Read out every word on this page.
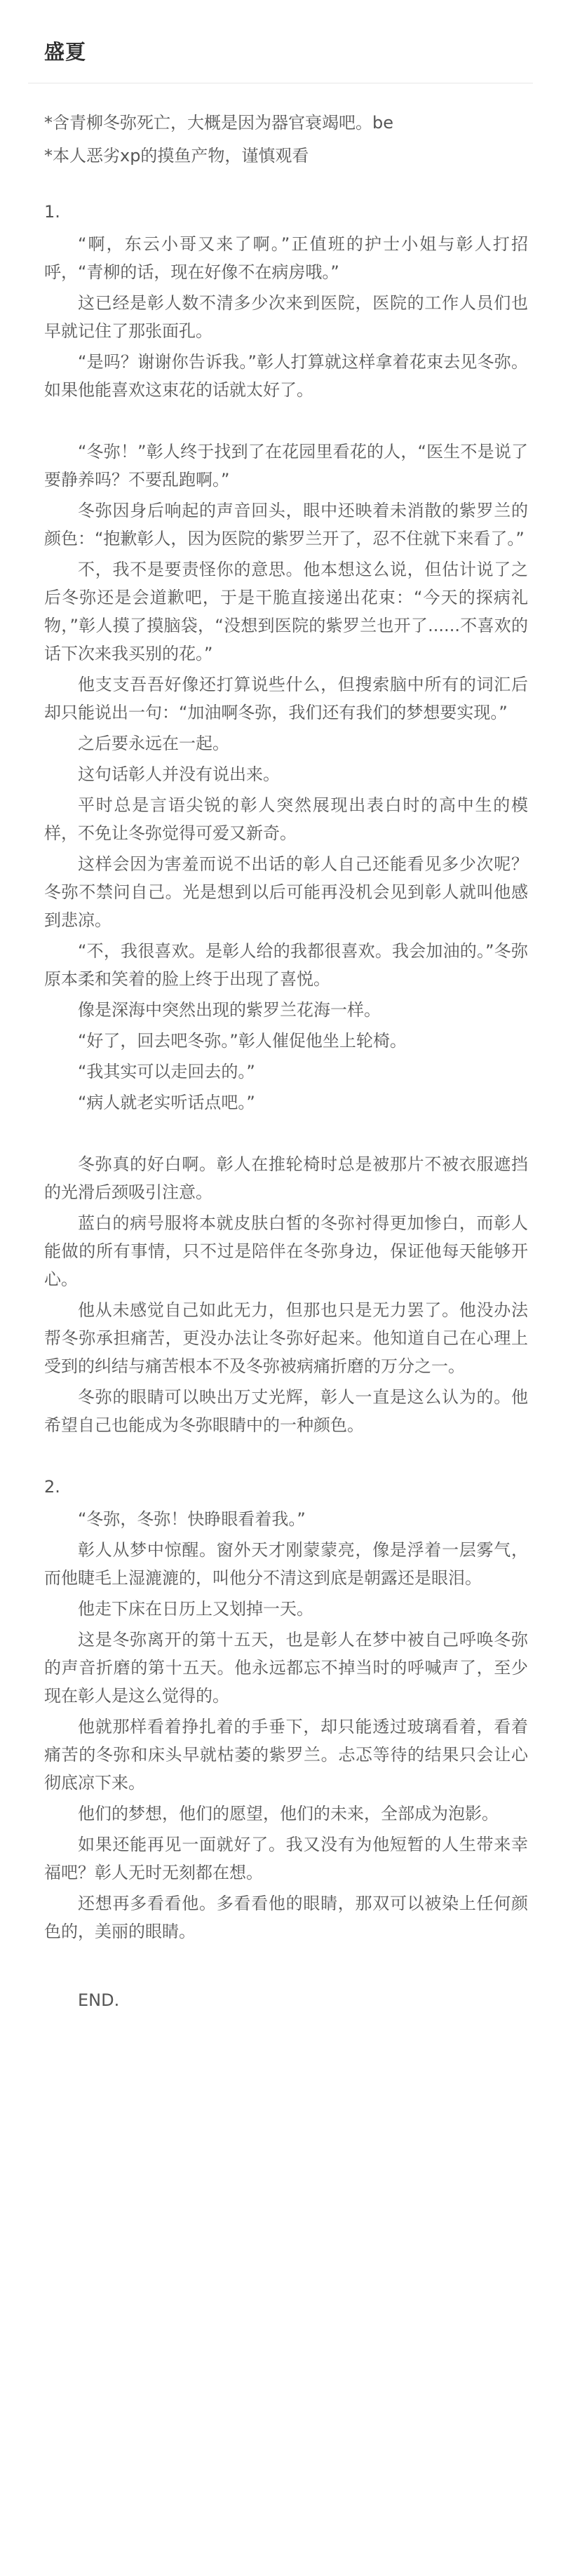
盛夏
*含青柳冬弥死亡，大概是因为器官衰竭吧。be
*本人恶劣xp的摸鱼产物，谨慎观看
1.

“啊，东云小哥又来了啊。”正值班的护士小姐与彰人打招呼，“青柳的话，现在好像不在病房哦。”

这已经是彰人数不清多少次来到医院，医院的工作人员们也早就记住了那张面孔。

“是吗？谢谢你告诉我。”彰人打算就这样拿着花束去见冬弥。如果他能喜欢这束花的话就太好了。

“冬弥！”彰人终于找到了在花园里看花的人，“医生不是说了要静养吗？不要乱跑啊。”

冬弥因身后响起的声音回头，眼中还映着未消散的紫罗兰的颜色：“抱歉彰人，因为医院的紫罗兰开了，忍不住就下来看了。”

不，我不是要责怪你的意思。他本想这么说，但估计说了之后冬弥还是会道歉吧，于是干脆直接递出花束：“今天的探病礼物，”彰人摸了摸脑袋，“没想到医院的紫罗兰也开了......不喜欢的话下次来我买别的花。”

他支支吾吾好像还打算说些什么，但搜索脑中所有的词汇后却只能说出一句：“加油啊冬弥，我们还有我们的梦想要实现。”

之后要永远在一起。

这句话彰人并没有说出来。

平时总是言语尖锐的彰人突然展现出表白时的高中生的模样，不免让冬弥觉得可爱又新奇。

这样会因为害羞而说不出话的彰人自己还能看见多少次呢？冬弥不禁问自己。光是想到以后可能再没机会见到彰人就叫他感到悲凉。

“不，我很喜欢。是彰人给的我都很喜欢。我会加油的。”冬弥原本柔和笑着的脸上终于出现了喜悦。

像是深海中突然出现的紫罗兰花海一样。

“好了，回去吧冬弥。”彰人催促他坐上轮椅。

“我其实可以走回去的。”

“病人就老实听话点吧。”

冬弥真的好白啊。彰人在推轮椅时总是被那片不被衣服遮挡的光滑后颈吸引注意。

蓝白的病号服将本就皮肤白皙的冬弥衬得更加惨白，而彰人能做的所有事情，只不过是陪伴在冬弥身边，保证他每天能够开心。

他从未感觉自己如此无力，但那也只是无力罢了。他没办法帮冬弥承担痛苦，更没办法让冬弥好起来。他知道自己在心理上受到的纠结与痛苦根本不及冬弥被病痛折磨的万分之一。

冬弥的眼睛可以映出万丈光辉，彰人一直是这么认为的。他希望自己也能成为冬弥眼睛中的一种颜色。

2.

“冬弥，冬弥！快睁眼看着我。”

彰人从梦中惊醒。窗外天才刚蒙蒙亮，像是浮着一层雾气，而他睫毛上湿漉漉的，叫他分不清这到底是朝露还是眼泪。

他走下床在日历上又划掉一天。

这是冬弥离开的第十五天，也是彰人在梦中被自己呼唤冬弥的声音折磨的第十五天。他永远都忘不掉当时的呼喊声了，至少现在彰人是这么觉得的。

他就那样看着挣扎着的手垂下，却只能透过玻璃看着，看着痛苦的冬弥和床头早就枯萎的紫罗兰。忐忑等待的结果只会让心彻底凉下来。

他们的梦想，他们的愿望，他们的未来，全部成为泡影。

如果还能再见一面就好了。我又没有为他短暂的人生带来幸福吧？彰人无时无刻都在想。

还想再多看看他。多看看他的眼睛，那双可以被染上任何颜色的，美丽的眼睛。

END.
